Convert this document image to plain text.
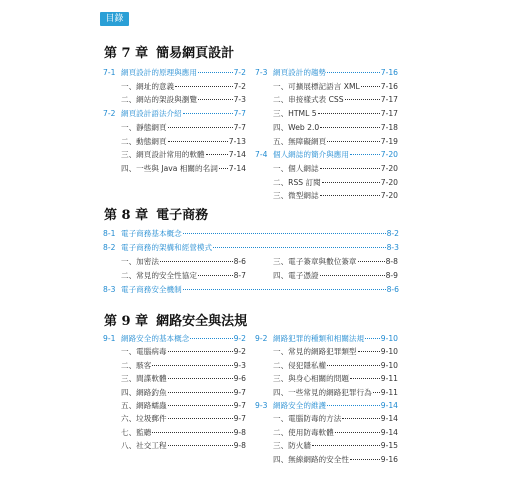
目錄
第 7 章 簡易網頁設計
第 8 章 電子商務
第 9 章 網路安全與法規
7-1 網頁設計的原理與應用	7-2
一、網址的意義	7-2
二、網站的架設與瀏覽	7-3
7-2 網頁設計語法介紹	7-7
一、靜態網頁	7-7
二、動態網頁	7-13
三、網頁設計常用的軟體	7-14
四、一些與 Java 相關的名詞 7-14
7-3 網頁設計的趨勢	7-16
一、可擴展標記語言 XML	7-16
二、串接樣式表 CSS	7-17
三、HTML 5	7-17
四、Web 2.0	7-18
五、無障礙網頁	7-19
7-4 個人網誌的簡介與應用	7-20
一、個人網誌	7-20
二、RSS 訂閱	7-20
三、微型網誌	7-20
8-1 電子商務基本概念	8-2
8-2 電子商務的架構和經營模式	8-3
一、加密法	8-6
二、常見的安全性協定	8-7
三、電子簽章與數位簽章	8-8
四、電子憑證	8-9
8-3 電子商務安全機制	8-6
9-1 網路安全的基本概念	9-2
一、電腦病毒	9-2
二、駭客	9-3
三、間諜軟體	9-6
四、網路釣魚	9-7
五、網路蠕蟲	9-7
六、垃圾郵件	9-7
七、監聽	9-8
八、社交工程	9-8
9-2 網路犯罪的種類和相關法規 9-10
一、常見的網路犯罪類型	9-10
二、侵犯隱私權	9-10
三、與身心相關的問題	9-11
四、一些常見的網路犯罪行為 9-11
9-3 網路安全的維護	9-14
一、電腦防毒的方法	9-14
二、使用防毒軟體	9-14
三、防火牆	9-15
四、無線網路的安全性	9-16
